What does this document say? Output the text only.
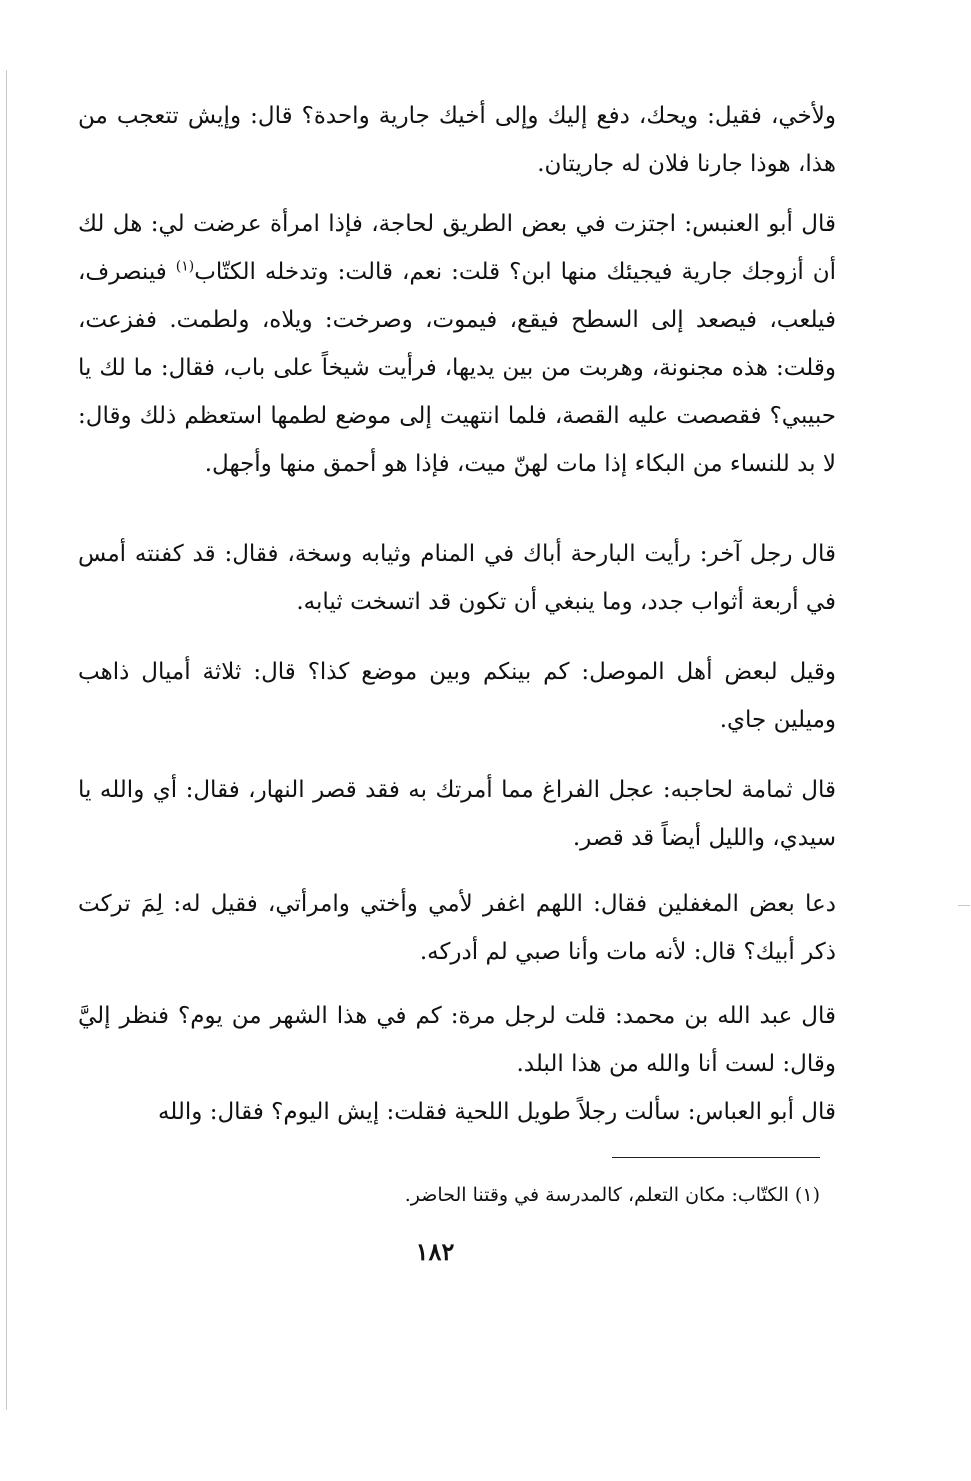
ولأخي، فقيل: ويحك، دفع إليك وإلى أخيك جارية واحدة؟ قال: وإيش تتعجب من هذا، هوذا جارنا فلان له جاريتان.

قال أبو العنبس: اجتزت في بعض الطريق لحاجة، فإذا امرأة عرضت لي: هل لك أن أزوجك جارية فيجيئك منها ابن؟ قلت: نعم، قالت: وتدخله الكتّاب$^{(١)}$ فينصرف، فيلعب، فيصعد إلى السطح فيقع، فيموت، وصرخت: ويلاه، ولطمت. ففزعت، وقلت: هذه مجنونة، وهربت من بين يديها، فرأيت شيخاً على باب، فقال: ما لك يا حبيبي؟ فقصصت عليه القصة، فلما انتهيت إلى موضع لطمها استعظم ذلك وقال: لا بد للنساء من البكاء إذا مات لهنّ ميت، فإذا هو أحمق منها وأجهل.

قال رجل آخر: رأيت البارحة أباك في المنام وثيابه وسخة، فقال: قد كفنته أمس في أربعة أثواب جدد، وما ينبغي أن تكون قد اتسخت ثيابه.

وقيل لبعض أهل الموصل: كم بينكم وبين موضع كذا؟ قال: ثلاثة أميال ذاهب وميلين جاي.

قال ثمامة لحاجبه: عجل الفراغ مما أمرتك به فقد قصر النهار، فقال: أي والله يا سيدي، والليل أيضاً قد قصر.

دعا بعض المغفلين فقال: اللهم اغفر لأمي وأختي وامرأتي، فقيل له: لِمَ تركت ذكر أبيك؟ قال: لأنه مات وأنا صبي لم أدركه.

قال عبد الله بن محمد: قلت لرجل مرة: كم في هذا الشهر من يوم؟ فنظر إليَّ وقال: لست أنا والله من هذا البلد.

قال أبو العباس: سألت رجلاً طويل اللحية فقلت: إيش اليوم؟ فقال: والله

(١) الكتّاب: مكان التعلم، كالمدرسة في وقتنا الحاضر.

١٨٢
